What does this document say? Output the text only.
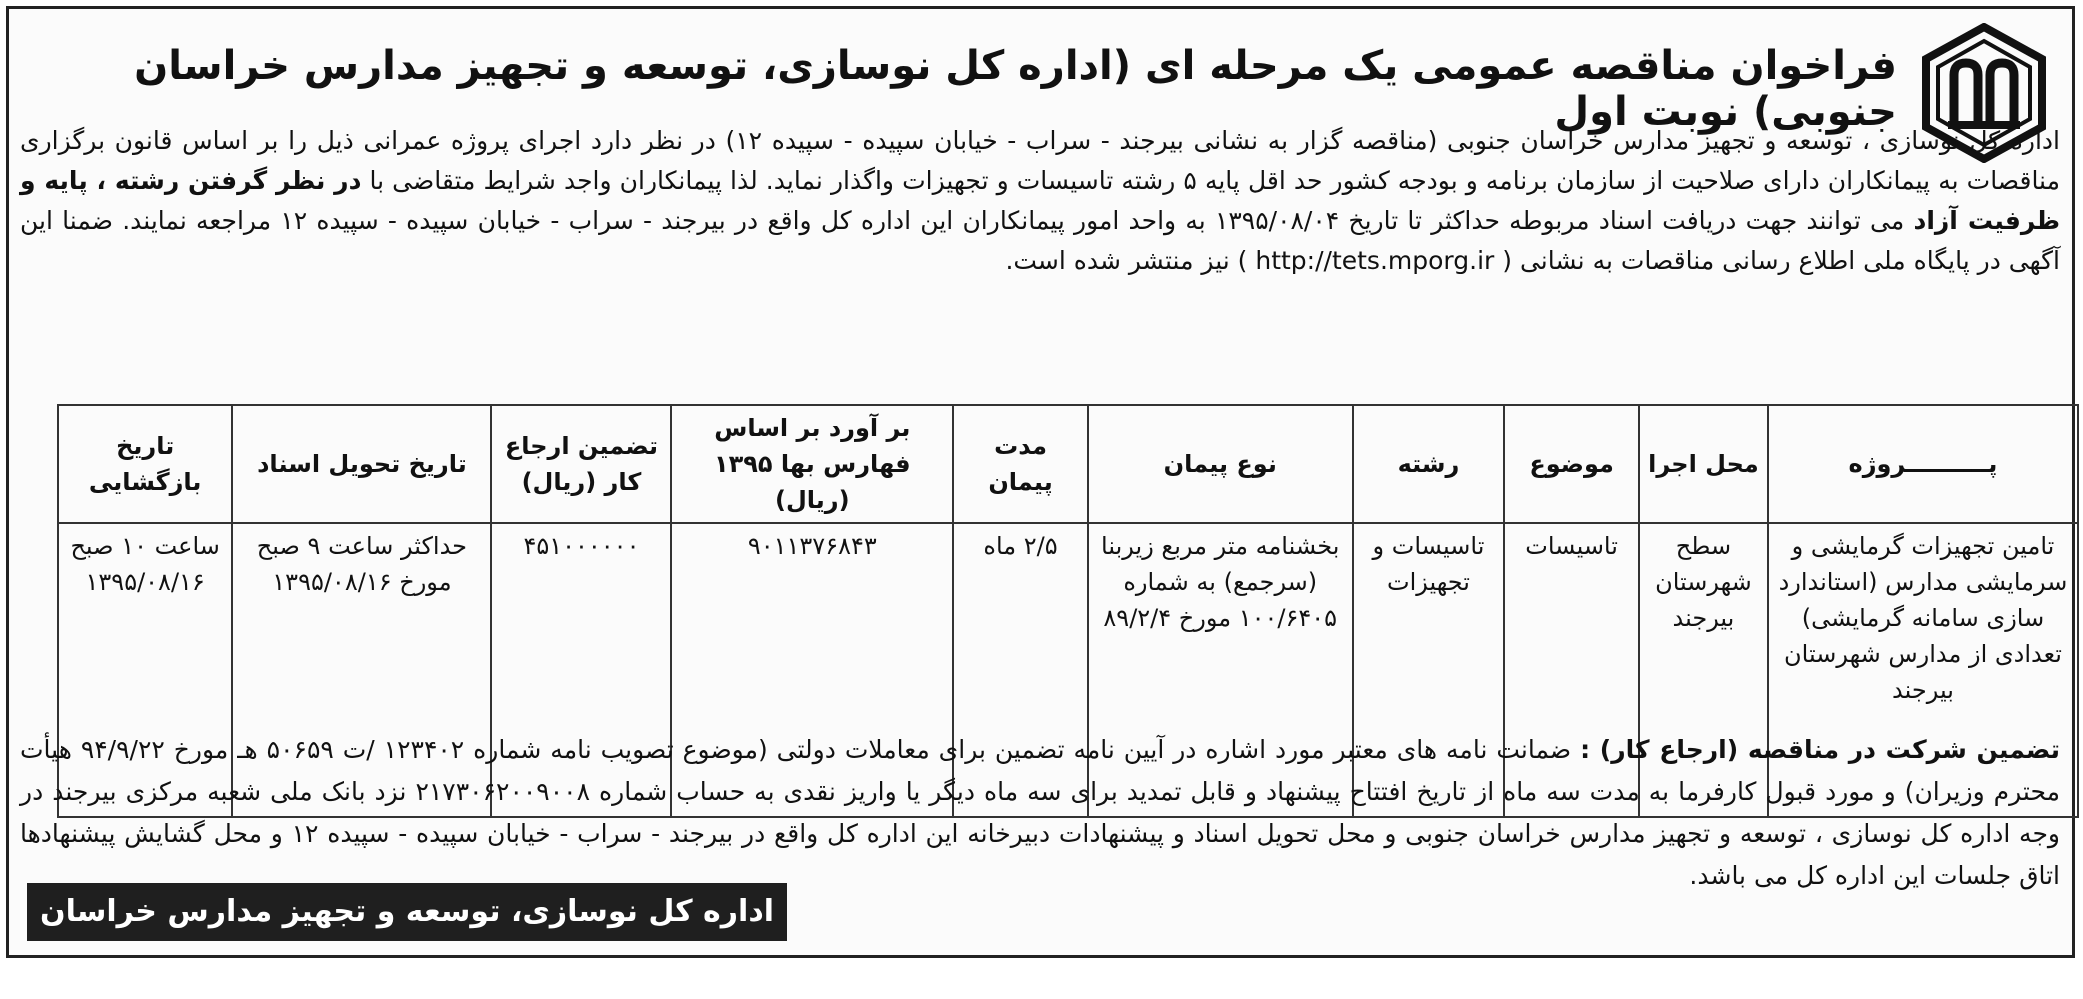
فراخوان مناقصه عمومی یک مرحله ای (اداره کل نوسازی، توسعه و تجهیز مدارس خراسان جنوبی) نوبت اول

اداره کل نوسازی ، توسعه و تجهیز مدارس خراسان جنوبی (مناقصه گزار به نشانی بیرجند - سراب - خیابان سپیده - سپیده ۱۲) در نظر دارد اجرای پروژه عمرانی ذیل را بر اساس قانون برگزاری مناقصات به پیمانکاران دارای صلاحیت از سازمان برنامه و بودجه کشور حد اقل پایه ۵ رشته تاسیسات و تجهیزات واگذار نماید. لذا پیمانکاران واجد شرایط متقاضی با در نظر گرفتن رشته ، پایه و ظرفیت آزاد می توانند جهت دریافت اسناد مربوطه حداکثر تا تاریخ ۱۳۹۵/۰۸/۰۴ به واحد امور پیمانکاران این اداره کل واقع در بیرجند - سراب - خیابان سپیده - سپیده ۱۲ مراجعه نمایند. ضمنا این آگهی در پایگاه ملی اطلاع رسانی مناقصات به نشانی ( http://tets.mporg.ir ) نیز منتشر شده است.

پــــــــــروژه	محل اجرا	موضوع	رشته	نوع پیمان	مدت پیمان	بر آورد بر اساس فهارس بها ۱۳۹۵ (ریال)	تضمین ارجاع کار (ریال)	تاریخ تحویل اسناد	تاریخ بازگشایی
تامین تجهیزات گرمایشی و سرمایشی مدارس (استاندارد سازی سامانه گرمایشی) تعدادی از مدارس شهرستان بیرجند	سطح شهرستان بیرجند	تاسیسات	تاسیسات و تجهیزات	بخشنامه متر مربع زیربنا (سرجمع) به شماره ۱۰۰/۶۴۰۵ مورخ ۸۹/۲/۴	۲/۵ ماه	۹۰۱۱۳۷۶۸۴۳	۴۵۱۰۰۰۰۰۰	حداکثر ساعت ۹ صبح مورخ ۱۳۹۵/۰۸/۱۶	ساعت ۱۰ صبح ۱۳۹۵/۰۸/۱۶

تضمین شرکت در مناقصه (ارجاع کار) : ضمانت نامه های معتبر مورد اشاره در آیین نامه تضمین برای معاملات دولتی (موضوع تصویب نامه شماره ۱۲۳۴۰۲ /ت ۵۰۶۵۹ هـ مورخ ۹۴/۹/۲۲ هیأت محترم وزیران) و مورد قبول کارفرما به مدت سه ماه از تاریخ افتتاح پیشنهاد و قابل تمدید برای سه ماه دیگر یا واریز نقدی به حساب شماره ۲۱۷۳۰۶۲۰۰۹۰۰۸ نزد بانک ملی شعبه مرکزی بیرجند در وجه اداره کل نوسازی ، توسعه و تجهیز مدارس خراسان جنوبی و محل تحویل اسناد و پیشنهادات دبیرخانه این اداره کل واقع در بیرجند - سراب - خیابان سپیده - سپیده ۱۲ و محل گشایش پیشنهادها اتاق جلسات این اداره کل می باشد.

اداره کل نوسازی، توسعه و تجهیز مدارس خراسان جنوبی
